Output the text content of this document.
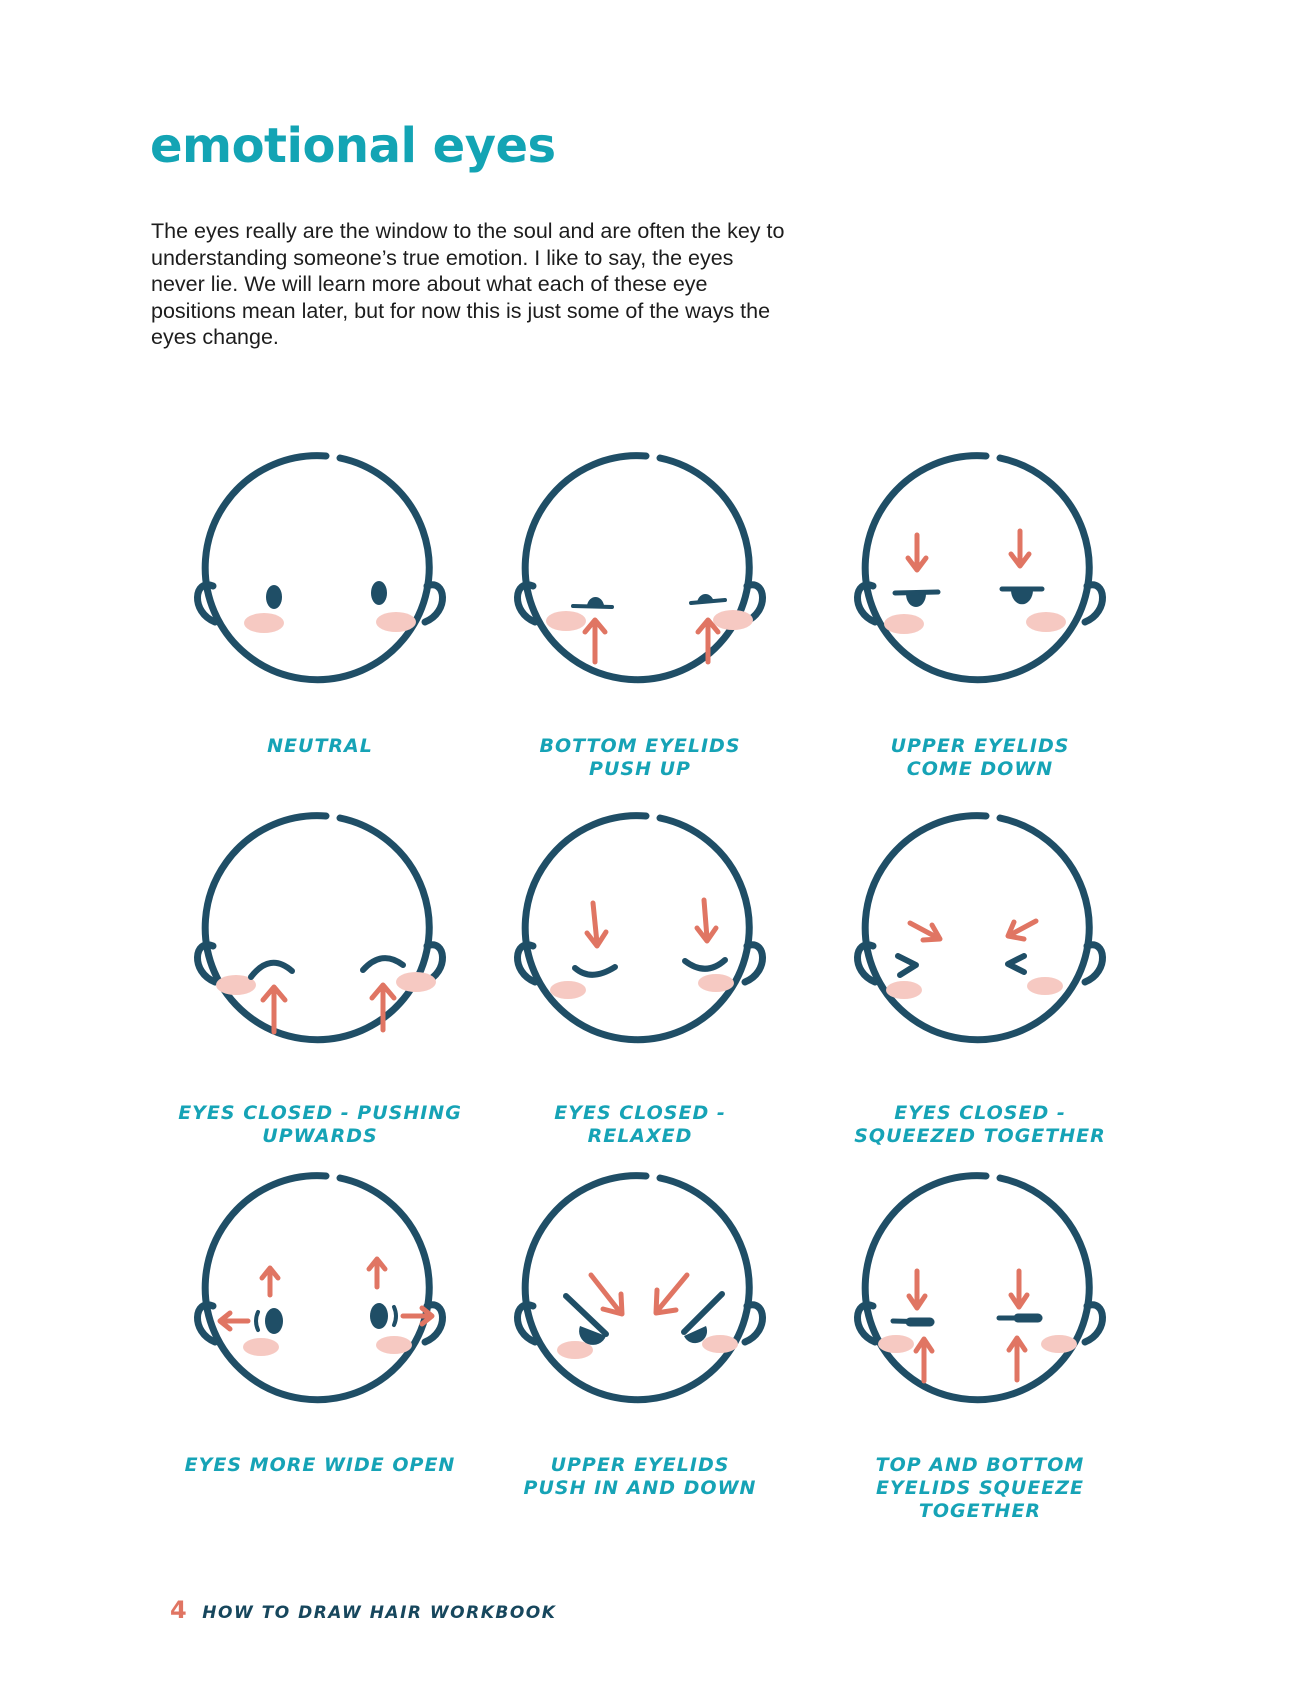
emotional eyes

The eyes really are the window to the soul and are often the key to understanding someone’s true emotion. I like to say, the eyes never lie. We will learn more about what each of these eye positions mean later, but for now this is just some of the ways the eyes change.

NEUTRAL	BOTTOM EYELIDS
PUSH UP

UPPER EYELIDS
COME DOWN

EYES CLOSED - PUSHING
UPWARDS

EYES CLOSED -
RELAXED

EYES CLOSED -
SQUEEZED TOGETHER

EYES MORE WIDE OPEN	UPPER EYELIDS
PUSH IN AND DOWN

TOP AND BOTTOM
EYELIDS SQUEEZE
TOGETHER

4 HOW TO DRAW HAIR WORKBOOK
